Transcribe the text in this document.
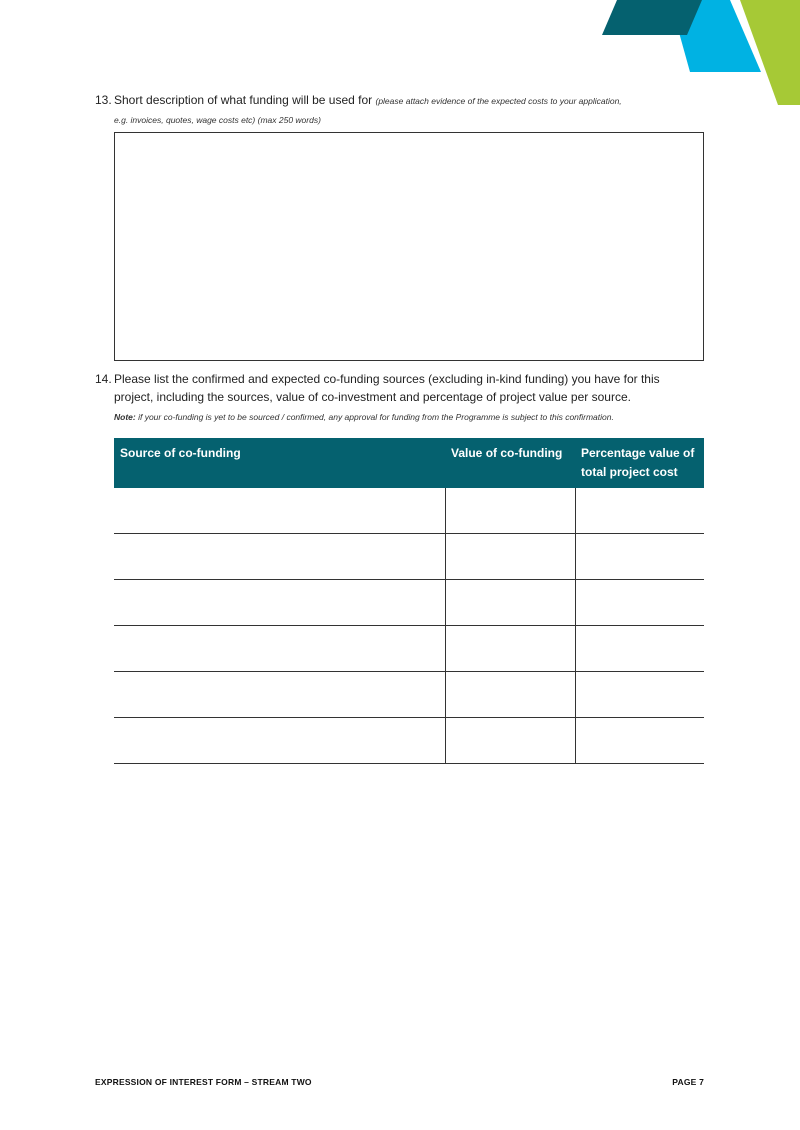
13. Short description of what funding will be used for (please attach evidence of the expected costs to your application,
e.g. invoices, quotes, wage costs etc) (max 250 words)
14. Please list the confirmed and expected co-funding sources (excluding in-kind funding) you have for this
project, including the sources, value of co-investment and percentage of project value per source.
Note: if your co-funding is yet to be sourced / confirmed, any approval for funding from the Programme is subject to this confirmation.
Source of co-funding	Value of co-funding	Percentage value of total project cost

EXPRESSION OF INTEREST FORM – STREAM TWO	PAGE 7
